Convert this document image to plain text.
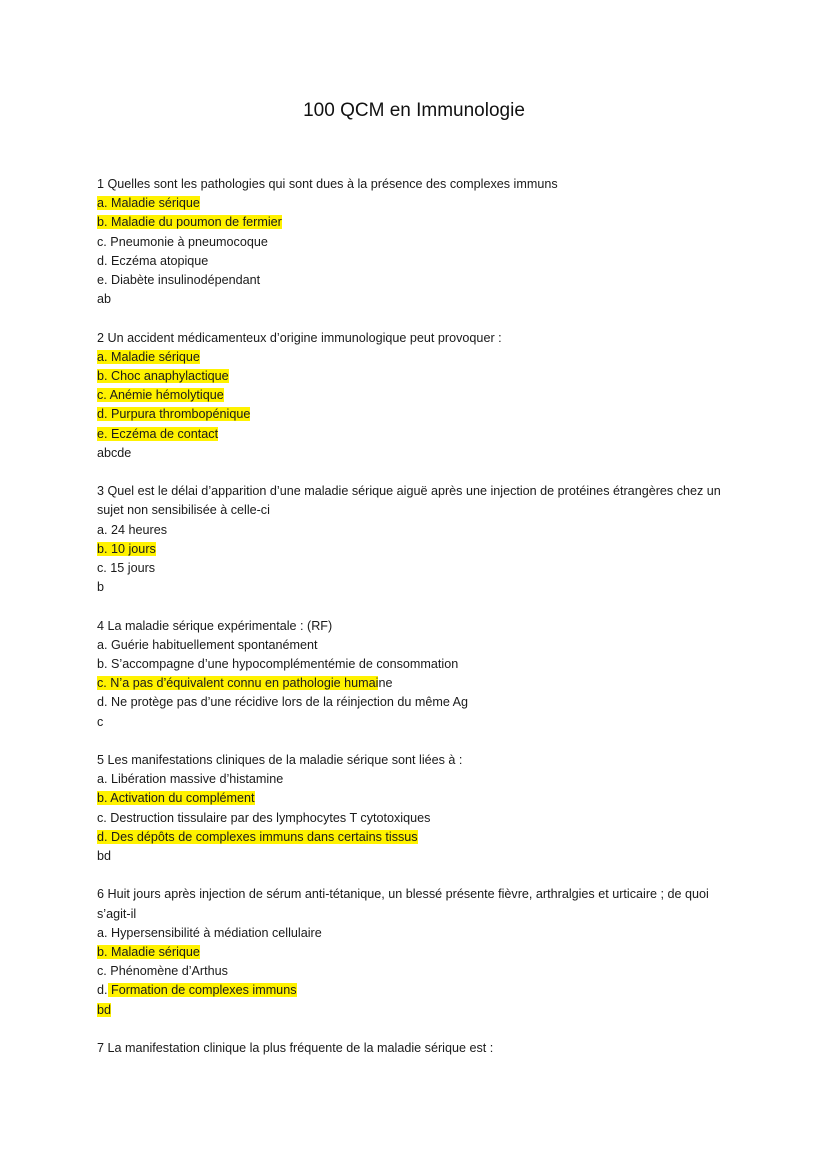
100 QCM en Immunologie
1 Quelles sont les pathologies qui sont dues à la présence des complexes immuns
a. Maladie sérique
b. Maladie du poumon de fermier
c. Pneumonie à pneumocoque
d. Eczéma atopique
e. Diabète insulinodépendant
ab
2 Un accident médicamenteux d’origine immunologique peut provoquer :
a. Maladie sérique
b. Choc anaphylactique
c. Anémie hémolytique
d. Purpura thrombopénique
e. Eczéma de contact
abcde
3 Quel est le délai d’apparition d’une maladie sérique aiguë après une injection de protéines étrangères chez un sujet non sensibilisée à celle-ci
a. 24 heures
b. 10 jours
c. 15 jours
b
4 La maladie sérique expérimentale : (RF)
a. Guérie habituellement spontanément
b. S’accompagne d’une hypocomplémentémie de consommation
c. N’a pas d’équivalent connu en pathologie humaine
d. Ne protège pas d’une récidive lors de la réinjection du même Ag
c
5 Les manifestations cliniques de la maladie sérique sont liées à :
a. Libération massive d’histamine
b. Activation du complément
c. Destruction tissulaire par des lymphocytes T cytotoxiques
d. Des dépôts de complexes immuns dans certains tissus
bd
6 Huit jours après injection de sérum anti-tétanique, un blessé présente fièvre, arthralgies et urticaire ; de quoi s’agit-il
a. Hypersensibilité à médiation cellulaire
b. Maladie sérique
c. Phénomène d’Arthus
d. Formation de complexes immuns
bd
7 La manifestation clinique la plus fréquente de la maladie sérique est :
